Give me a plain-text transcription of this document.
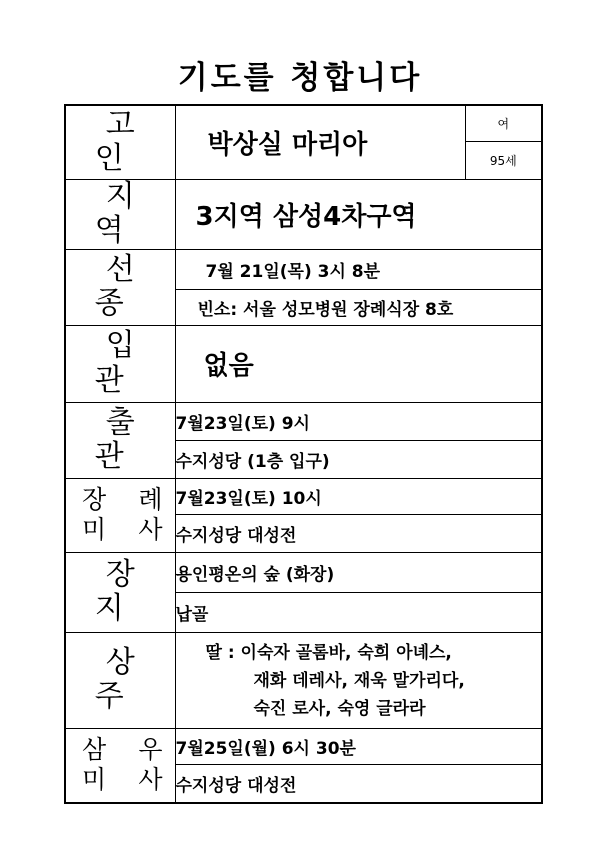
기도를 청합니다
고 인	박상실 마리아	여
		95세
지 역	3지역 삼성4차구역	
선 종	7월 21일(목) 3시 8분	
	빈소: 서울 성모병원 장례식장 8호	
입 관	없음	
출 관	7월23일(토) 9시	
	수지성당 (1층 입구)	

장 례
미 사	7월23일(토) 10시	
	수지성당 대성전	
장 지	용인평온의 숲 (화장)	
	납골	
상 주	딸 : 이숙자 골롬바, 숙희 아녜스,
재화 데레사, 재욱 말가리다,
숙진 로사, 숙영 글라라	

삼 우
미 사	7월25일(월) 6시 30분	
	수지성당 대성전	
